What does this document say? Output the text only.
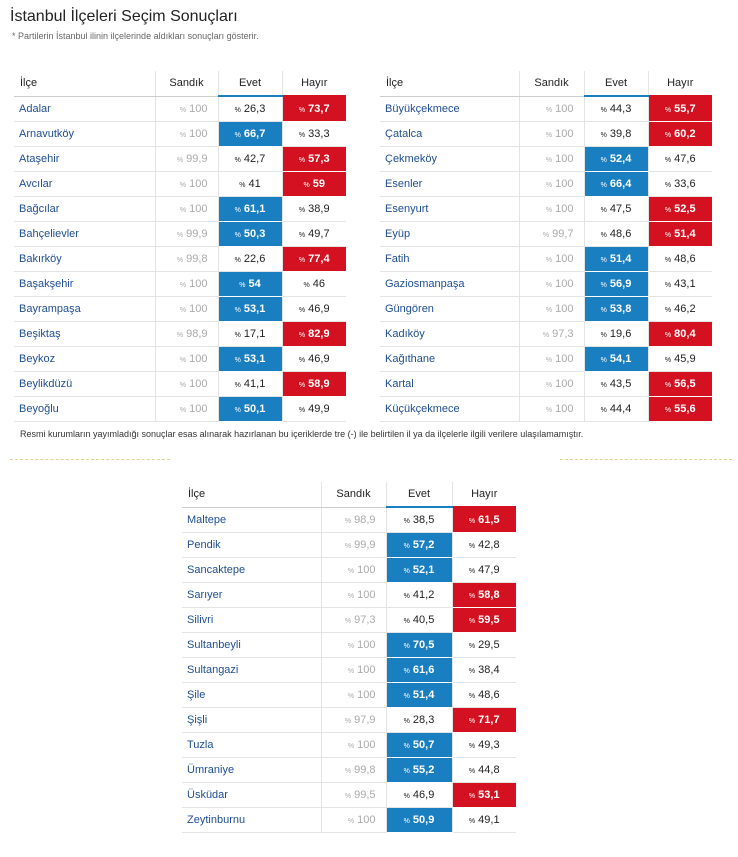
İstanbul İlçeleri Seçim Sonuçları
* Partilerin İstanbul ilinin ilçelerinde aldıkları sonuçları gösterir.
İlçe	Sandık	Evet	Hayır
Adalar	% 100	% 26,3	% 73,7
Arnavutköy	% 100	% 66,7	% 33,3
Ataşehir	% 99,9	% 42,7	% 57,3
Avcılar	% 100	% 41	% 59
Bağcılar	% 100	% 61,1	% 38,9
Bahçelievler	% 99,9	% 50,3	% 49,7
Bakırköy	% 99,8	% 22,6	% 77,4
Başakşehir	% 100	% 54	% 46
Bayrampaşa	% 100	% 53,1	% 46,9
Beşiktaş	% 98,9	% 17,1	% 82,9
Beykoz	% 100	% 53,1	% 46,9
Beylikdüzü	% 100	% 41,1	% 58,9
Beyoğlu	% 100	% 50,1	% 49,9
İlçe	Sandık	Evet	Hayır
Büyükçekmece	% 100	% 44,3	% 55,7
Çatalca	% 100	% 39,8	% 60,2
Çekmeköy	% 100	% 52,4	% 47,6
Esenler	% 100	% 66,4	% 33,6
Esenyurt	% 100	% 47,5	% 52,5
Eyüp	% 99,7	% 48,6	% 51,4
Fatih	% 100	% 51,4	% 48,6
Gaziosmanpaşa	% 100	% 56,9	% 43,1
Güngören	% 100	% 53,8	% 46,2
Kadıköy	% 97,3	% 19,6	% 80,4
Kağıthane	% 100	% 54,1	% 45,9
Kartal	% 100	% 43,5	% 56,5
Küçükçekmece	% 100	% 44,4	% 55,6
Resmi kurumların yayımladığı sonuçlar esas alınarak hazırlanan bu içeriklerde tre (-) ile belirtilen il ya da ilçelerle ilgili verilere ulaşılamamıştır.
İlçe	Sandık	Evet	Hayır
Maltepe	% 98,9	% 38,5	% 61,5
Pendik	% 99,9	% 57,2	% 42,8
Sancaktepe	% 100	% 52,1	% 47,9
Sarıyer	% 100	% 41,2	% 58,8
Silivri	% 97,3	% 40,5	% 59,5
Sultanbeyli	% 100	% 70,5	% 29,5
Sultangazi	% 100	% 61,6	% 38,4
Şile	% 100	% 51,4	% 48,6
Şişli	% 97,9	% 28,3	% 71,7
Tuzla	% 100	% 50,7	% 49,3
Ümraniye	% 99,8	% 55,2	% 44,8
Üsküdar	% 99,5	% 46,9	% 53,1
Zeytinburnu	% 100	% 50,9	% 49,1
